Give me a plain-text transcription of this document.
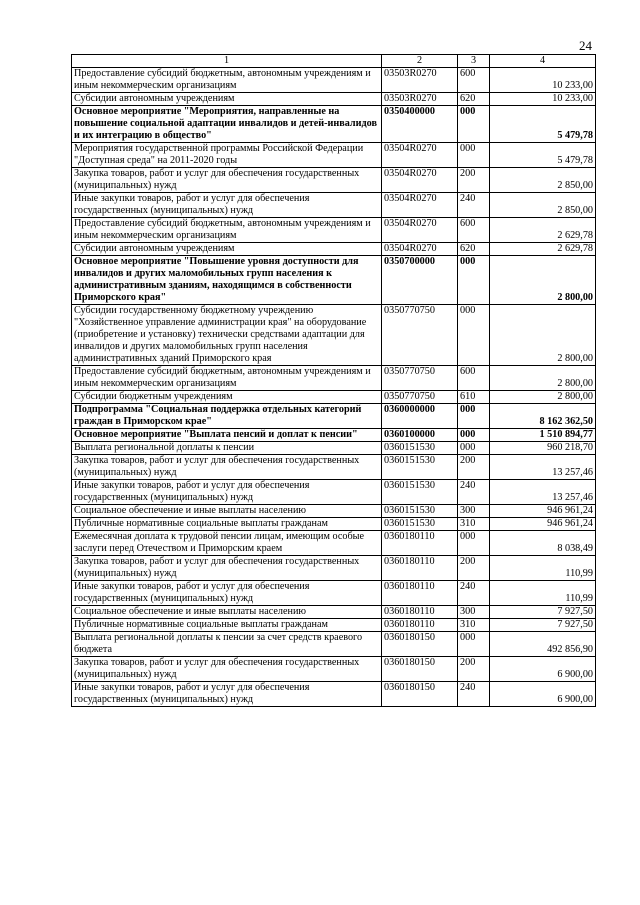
24
1	2	3	4
Предоставление субсидий бюджетным, автономным учреждениям и иным некоммерческим организациям	03503R0270	600	10 233,00
Субсидии автономным учреждениям	03503R0270	620	10 233,00
Основное мероприятие "Мероприятия, направленные на повышение социальной адаптации инвалидов и детей-инвалидов и их интеграцию в общество"	0350400000	000	5 479,78
Мероприятия государственной программы Российской Федерации "Доступная среда" на 2011-2020 годы	03504R0270	000	5 479,78
Закупка товаров, работ и услуг для обеспечения государственных (муниципальных) нужд	03504R0270	200	2 850,00
Иные закупки товаров, работ и услуг для обеспечения государственных (муниципальных) нужд	03504R0270	240	2 850,00
Предоставление субсидий бюджетным, автономным учреждениям и иным некоммерческим организациям	03504R0270	600	2 629,78
Субсидии автономным учреждениям	03504R0270	620	2 629,78
Основное мероприятие "Повышение уровня доступности для инвалидов и других маломобильных групп населения к административным зданиям, находящимся в собственности Приморского края"	0350700000	000	2 800,00
Субсидии государственному бюджетному учреждению "Хозяйственное управление администрации края" на оборудование (приобретение и установку) технически средствами адаптации для инвалидов и других маломобильных групп населения административных зданий Приморского края	0350770750	000	2 800,00
Предоставление субсидий бюджетным, автономным учреждениям и иным некоммерческим организациям	0350770750	600	2 800,00
Субсидии бюджетным учреждениям	0350770750	610	2 800,00
Подпрограмма "Социальная поддержка отдельных категорий граждан в Приморском крае"	0360000000	000	8 162 362,50
Основное мероприятие "Выплата пенсий и доплат к пенсии"	0360100000	000	1 510 894,77
Выплата региональной доплаты к пенсии	0360151530	000	960 218,70
Закупка товаров, работ и услуг для обеспечения государственных (муниципальных) нужд	0360151530	200	13 257,46
Иные закупки товаров, работ и услуг для обеспечения государственных (муниципальных) нужд	0360151530	240	13 257,46
Социальное обеспечение и иные выплаты населению	0360151530	300	946 961,24
Публичные нормативные социальные выплаты гражданам	0360151530	310	946 961,24
Ежемесячная доплата к трудовой пенсии лицам, имеющим особые заслуги перед Отечеством и Приморским краем	0360180110	000	8 038,49
Закупка товаров, работ и услуг для обеспечения государственных (муниципальных) нужд	0360180110	200	110,99
Иные закупки товаров, работ и услуг для обеспечения государственных (муниципальных) нужд	0360180110	240	110,99
Социальное обеспечение и иные выплаты населению	0360180110	300	7 927,50
Публичные нормативные социальные выплаты гражданам	0360180110	310	7 927,50
Выплата региональной доплаты к пенсии за счет средств краевого бюджета	0360180150	000	492 856,90
Закупка товаров, работ и услуг для обеспечения государственных (муниципальных) нужд	0360180150	200	6 900,00
Иные закупки товаров, работ и услуг для обеспечения государственных (муниципальных) нужд	0360180150	240	6 900,00
